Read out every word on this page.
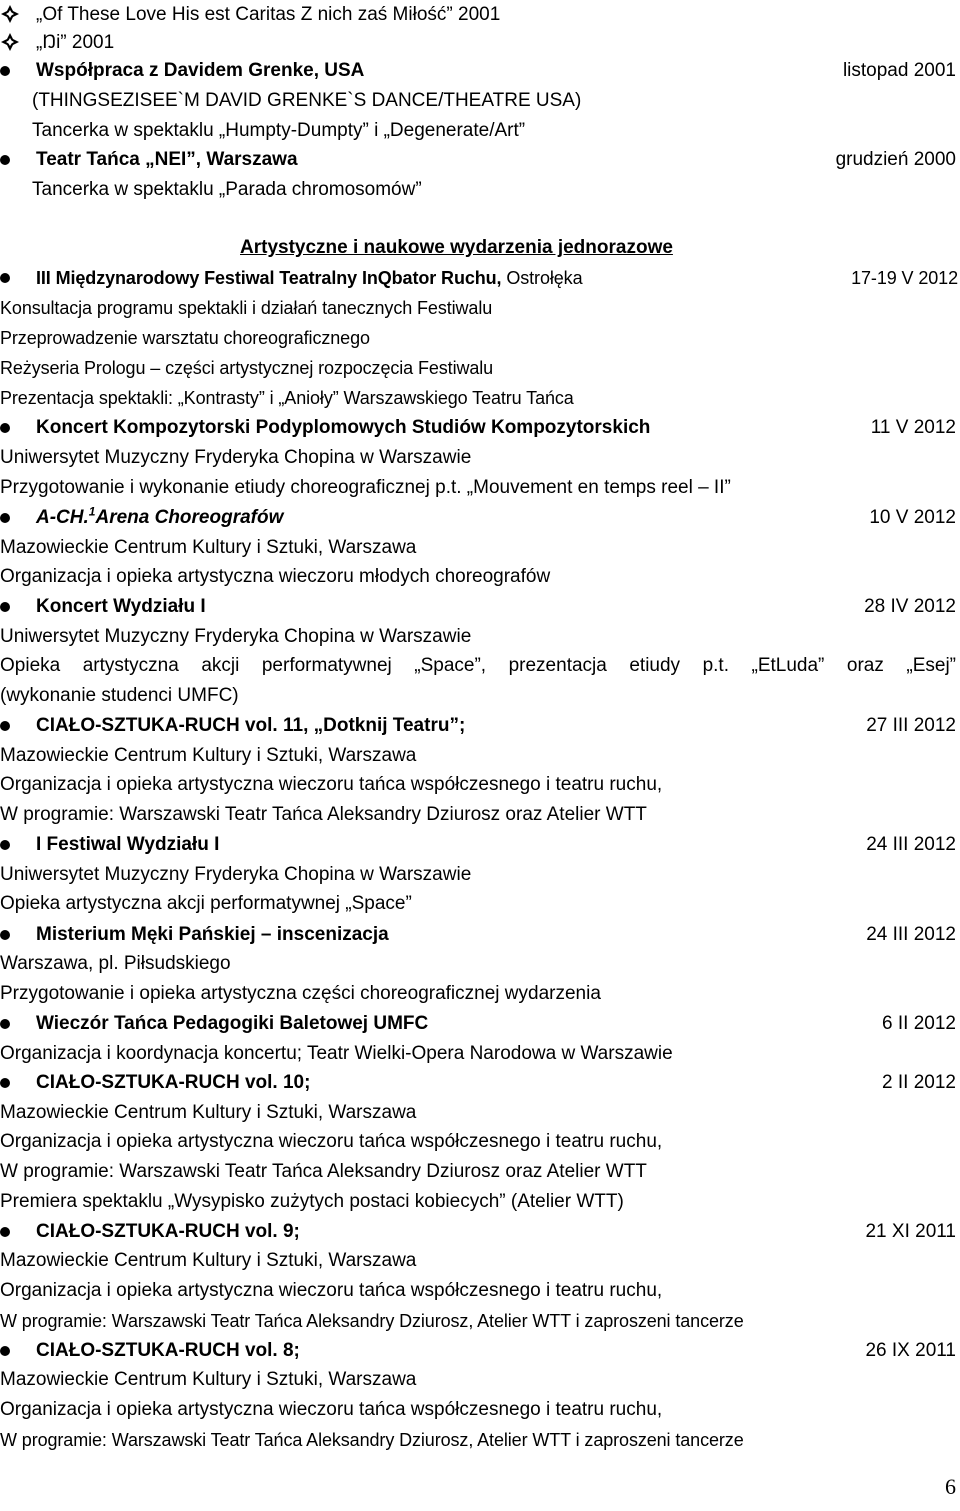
„Of These Love His est Caritas Z nich zaś Miłość” 2001
„Ŋi” 2001
Współpraca z Davidem Grenke, USA	listopad 2001
(THINGSEZISEE`M DAVID GRENKE`S DANCE/THEATRE USA)
Tancerka w spektaklu „Humpty-Dumpty” i „Degenerate/Art”
Teatr Tańca „NEI”, Warszawa	grudzień 2000
Tancerka w spektaklu „Parada chromosomów”
Artystyczne i naukowe wydarzenia jednorazowe
III Międzynarodowy Festiwal Teatralny InQbator Ruchu, Ostrołęka	17-19 V 2012
Konsultacja programu spektakli i działań tanecznych Festiwalu
Przeprowadzenie warsztatu choreograficznego
Reżyseria Prologu – części artystycznej rozpoczęcia Festiwalu
Prezentacja spektakli: „Kontrasty” i „Anioły” Warszawskiego Teatru Tańca
Koncert Kompozytorski Podyplomowych Studiów Kompozytorskich	11 V 2012
Uniwersytet Muzyczny Fryderyka Chopina w Warszawie
Przygotowanie i wykonanie etiudy choreograficznej p.t. „Mouvement en temps reel – II”
A-CH.$^1$Arena Choreografów	10 V 2012
Mazowieckie Centrum Kultury i Sztuki, Warszawa
Organizacja i opieka artystyczna wieczoru młodych choreografów
Koncert Wydziału I	28 IV 2012
Uniwersytet Muzyczny Fryderyka Chopina w Warszawie
Opieka artystyczna akcji performatywnej „Space”, prezentacja etiudy p.t. „EtLuda” oraz „Esej”
(wykonanie studenci UMFC)
CIAŁO-SZTUKA-RUCH vol. 11, „Dotknij Teatru”;	27 III 2012
Mazowieckie Centrum Kultury i Sztuki, Warszawa
Organizacja i opieka artystyczna wieczoru tańca współczesnego i teatru ruchu,
W programie: Warszawski Teatr Tańca Aleksandry Dziurosz oraz Atelier WTT
I Festiwal Wydziału I	24 III 2012
Uniwersytet Muzyczny Fryderyka Chopina w Warszawie
Opieka artystyczna akcji performatywnej „Space”
Misterium Męki Pańskiej – inscenizacja	24 III 2012
Warszawa, pl. Piłsudskiego
Przygotowanie i opieka artystyczna części choreograficznej wydarzenia
Wieczór Tańca Pedagogiki Baletowej UMFC	6 II 2012
Organizacja i koordynacja koncertu; Teatr Wielki-Opera Narodowa w Warszawie
CIAŁO-SZTUKA-RUCH vol. 10;	2 II 2012
Mazowieckie Centrum Kultury i Sztuki, Warszawa
Organizacja i opieka artystyczna wieczoru tańca współczesnego i teatru ruchu,
W programie: Warszawski Teatr Tańca Aleksandry Dziurosz oraz Atelier WTT
Premiera spektaklu „Wysypisko zużytych postaci kobiecych” (Atelier WTT)
CIAŁO-SZTUKA-RUCH vol. 9;	21 XI 2011
Mazowieckie Centrum Kultury i Sztuki, Warszawa
Organizacja i opieka artystyczna wieczoru tańca współczesnego i teatru ruchu,
W programie: Warszawski Teatr Tańca Aleksandry Dziurosz, Atelier WTT i zaproszeni tancerze
CIAŁO-SZTUKA-RUCH vol. 8;	26 IX 2011
Mazowieckie Centrum Kultury i Sztuki, Warszawa
Organizacja i opieka artystyczna wieczoru tańca współczesnego i teatru ruchu,
W programie: Warszawski Teatr Tańca Aleksandry Dziurosz, Atelier WTT i zaproszeni tancerze
6
